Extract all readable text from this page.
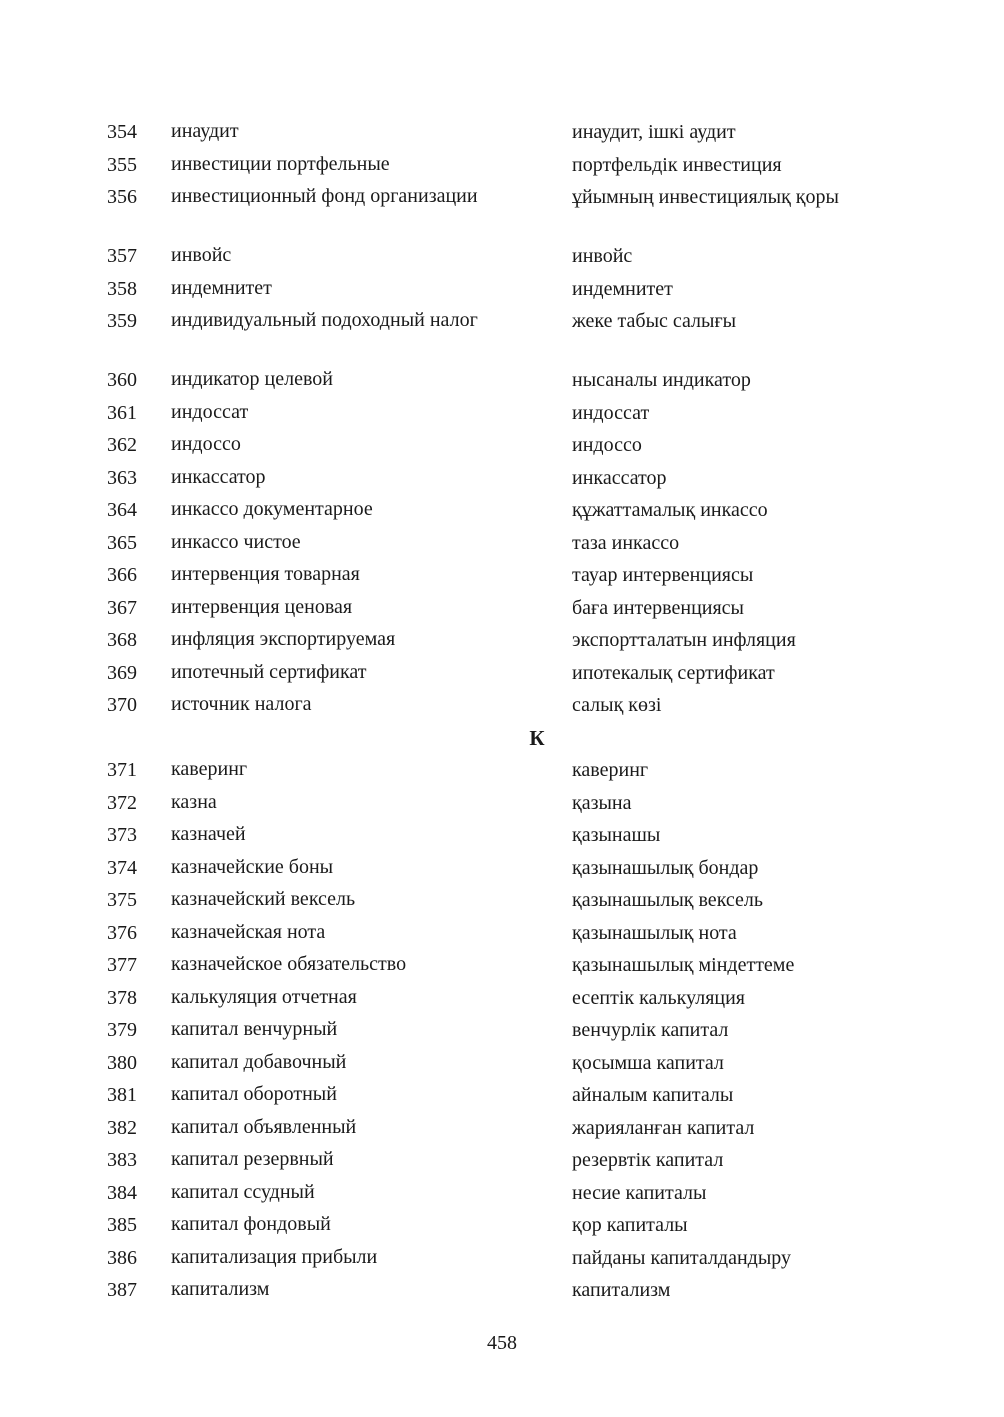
354	инаудит	инаудит, ішкі аудит
355	инвестиции портфельные	портфельдік инвестиция
356	инвестиционный фонд организации	ұйымның инвестициялық қоры
357	инвойс	инвойс
358	индемнитет	индемнитет
359	индивидуальный подоходный налог	жеке табыс салығы
360	индикатор целевой	нысаналы индикатор
361	индоссат	индоссат
362	индоссо	индоссо
363	инкассатор	инкассатор
364	инкассо документарное	құжаттамалық инкассо
365	инкассо чистое	таза инкассо
366	интервенция товарная	тауар интервенциясы
367	интервенция ценовая	баға интервенциясы
368	инфляция экспортируемая	экспортталатын инфляция
369	ипотечный сертификат	ипотекалық сертификат
370	источник налога	салық көзі
К
371	каверинг	каверинг
372	казна	қазына
373	казначей	қазынашы
374	казначейские боны	қазынашылық бондар
375	казначейский вексель	қазынашылық вексель
376	казначейская нота	қазынашылық нота
377	казначейское обязательство	қазынашылық міндеттеме
378	калькуляция отчетная	есептік калькуляция
379	капитал венчурный	венчурлік капитал
380	капитал добавочный	қосымша капитал
381	капитал оборотный	айналым капиталы
382	капитал объявленный	жарияланған капитал
383	капитал резервный	резервтік капитал
384	капитал ссудный	несие капиталы
385	капитал фондовый	қор капиталы
386	капитализация прибыли	пайданы капиталдандыру
387	капитализм	капитализм
458
